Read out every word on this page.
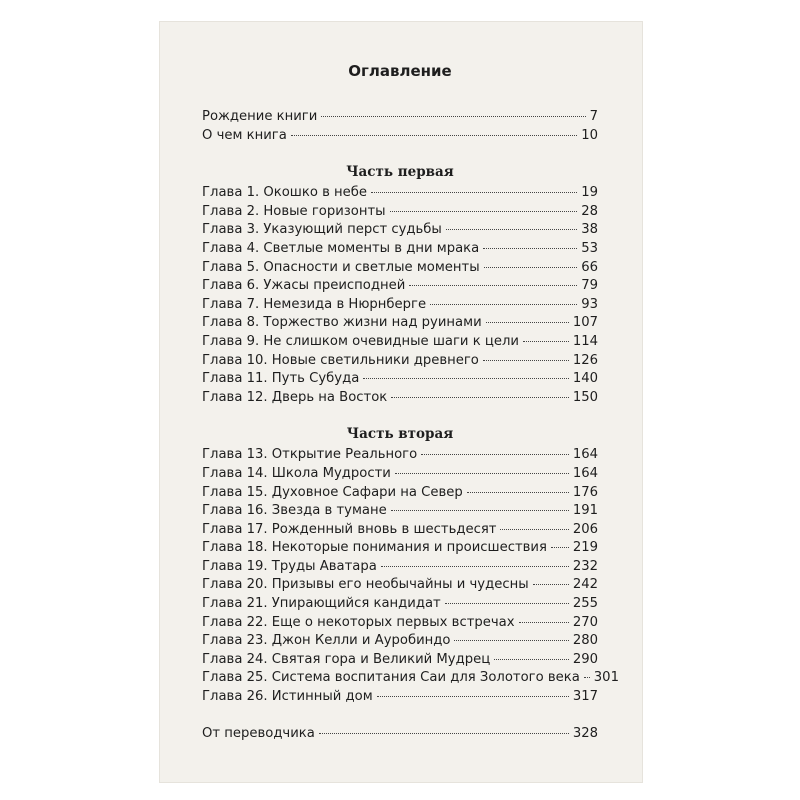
Оглавление
Рождение книги	7
О чем книга	10
Часть первая
Глава 1. Окошко в небе	19
Глава 2. Новые горизонты	28
Глава 3. Указующий перст судьбы	38
Глава 4. Светлые моменты в дни мрака	53
Глава 5. Опасности и светлые моменты	66
Глава 6. Ужасы преисподней	79
Глава 7. Немезида в Нюрнберге	93
Глава 8. Торжество жизни над руинами	107
Глава 9. Не слишком очевидные шаги к цели	114
Глава 10. Новые светильники древнего	126
Глава 11. Путь Субуда	140
Глава 12. Дверь на Восток	150
Часть вторая
Глава 13. Открытие Реального	164
Глава 14. Школа Мудрости	164
Глава 15. Духовное Сафари на Север	176
Глава 16. Звезда в тумане	191
Глава 17. Рожденный вновь в шестьдесят	206
Глава 18. Некоторые понимания и происшествия 219
Глава 19. Труды Аватара	232
Глава 20. Призывы его необычайны и чудесны	242
Глава 21. Упирающийся кандидат	255
Глава 22. Еще о некоторых первых встречах	270
Глава 23. Джон Келли и Ауробиндо	280
Глава 24. Святая гора и Великий Мудрец	290
Глава 25. Система воспитания Саи для Золотого века 301
Глава 26. Истинный дом	317
От переводчика	328
